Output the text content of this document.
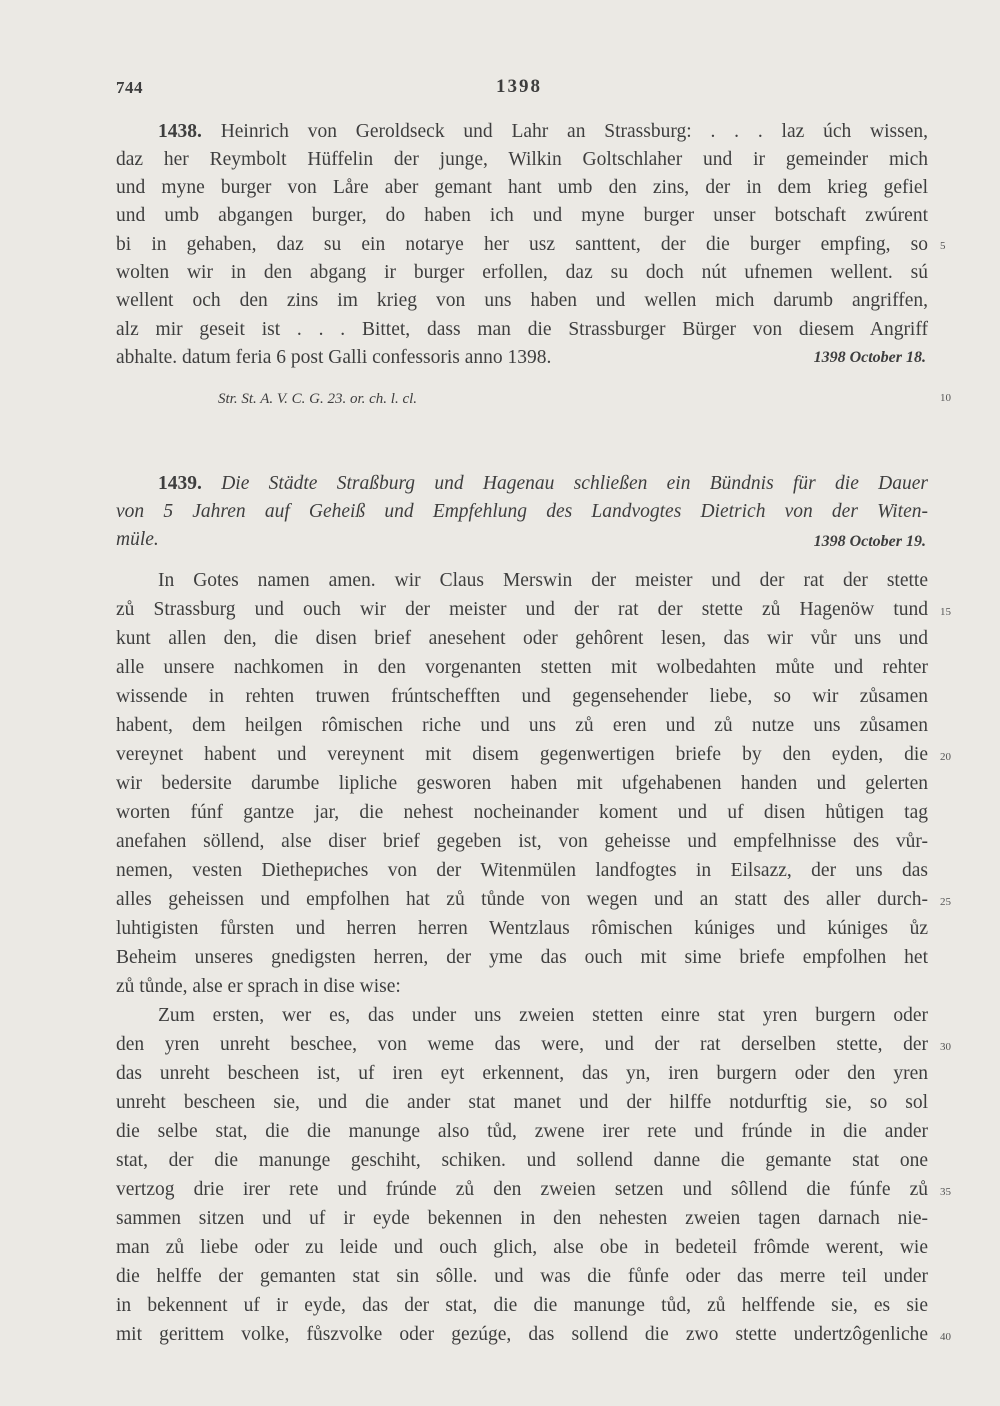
744	1398
1438. Heinrich von Geroldseck und Lahr an Strassburg: . . . laz úch wissen,
daz her Reymbolt Hüffelin der junge, Wilkin Goltschlaher und ir gemeinder mich
und myne burger von Låre aber gemant hant umb den zins, der in dem krieg gefiel
und umb abgangen burger, do haben ich und myne burger unser botschaft zwúrent
bi in gehaben, daz su ein notarye her usz santtent, der die burger empfing, so
wolten wir in den abgang ir burger erfollen, daz su doch nút ufnemen wellent. sú
wellent och den zins im krieg von uns haben und wellen mich darumb angriffen,
alz mir geseit ist . . . Bittet, dass man die Strassburger Bürger von diesem Angriff
abhalte. datum feria 6 post Galli confessoris anno 1398.	1398 October 18.
Str. St. A. V. C. G. 23. or. ch. l. cl.
1439. Die Städte Straßburg und Hagenau schließen ein Bündnis für die Dauer
von 5 Jahren auf Geheiß und Empfehlung des Landvogtes Dietrich von der Witen-
müle.	1398 October 19.
In Gotes namen amen. wir Claus Merswin der meister und der rat der stette
zů Strassburg und ouch wir der meister und der rat der stette zů Hagenöw tund
kunt allen den, die disen brief anesehent oder gehôrent lesen, das wir vůr uns und
alle unsere nachkomen in den vorgenanten stetten mit wolbedahten můte und rehter
wissende in rehten truwen frúntschefften und gegensehender liebe, so wir zůsamen
habent, dem heilgen rômischen riche und uns zů eren und zů nutze uns zůsamen
vereynet habent und vereynent mit disem gegenwertigen briefe by den eyden, die
wir bedersite darumbe lipliche gesworen haben mit ufgehabenen handen und gelerten
worten fúnf gantze jar, die nehest nocheinander koment und uf disen hůtigen tag
anefahen söllend, alse diser brief gegeben ist, von geheisse und empfelhnisse des vůr-
nemen, vesten Diethериches von der Witenmülen landfogtes in Eilsazz, der uns das
alles geheissen und empfolhen hat zů tůnde von wegen und an statt des aller durch-
luhtigisten fůrsten und herren herren Wentzlaus rômischen kúniges und kúniges ůz
Beheim unseres gnedigsten herren, der yme das ouch mit sime briefe empfolhen het
zů tůnde, alse er sprach in dise wise:
Zum ersten, wer es, das under uns zweien stetten einre stat yren burgern oder
den yren unreht beschee, von weme das were, und der rat derselben stette, der
das unreht bescheen ist, uf iren eyt erkennent, das yn, iren burgern oder den yren
unreht bescheen sie, und die ander stat manet und der hilffe notdurftig sie, so sol
die selbe stat, die die manunge also tůd, zwene irer rete und frúnde in die ander
stat, der die manunge geschiht, schiken. und sollend danne die gemante stat one
vertzog drie irer rete und frúnde zů den zweien setzen und sôllend die fúnfe zů
sammen sitzen und uf ir eyde bekennen in den nehesten zweien tagen darnach nie-
man zů liebe oder zu leide und ouch glich, alse obe in bedeteil frômde werent, wie
die helffe der gemanten stat sin sôlle. und was die fůnfe oder das merre teil under
in bekennent uf ir eyde, das der stat, die die manunge tůd, zů helffende sie, es sie
mit gerittem volke, fůszvolke oder gezúge, das sollend die zwo stette undertzôgenliche
5
10
15
20
25
30
35
40
